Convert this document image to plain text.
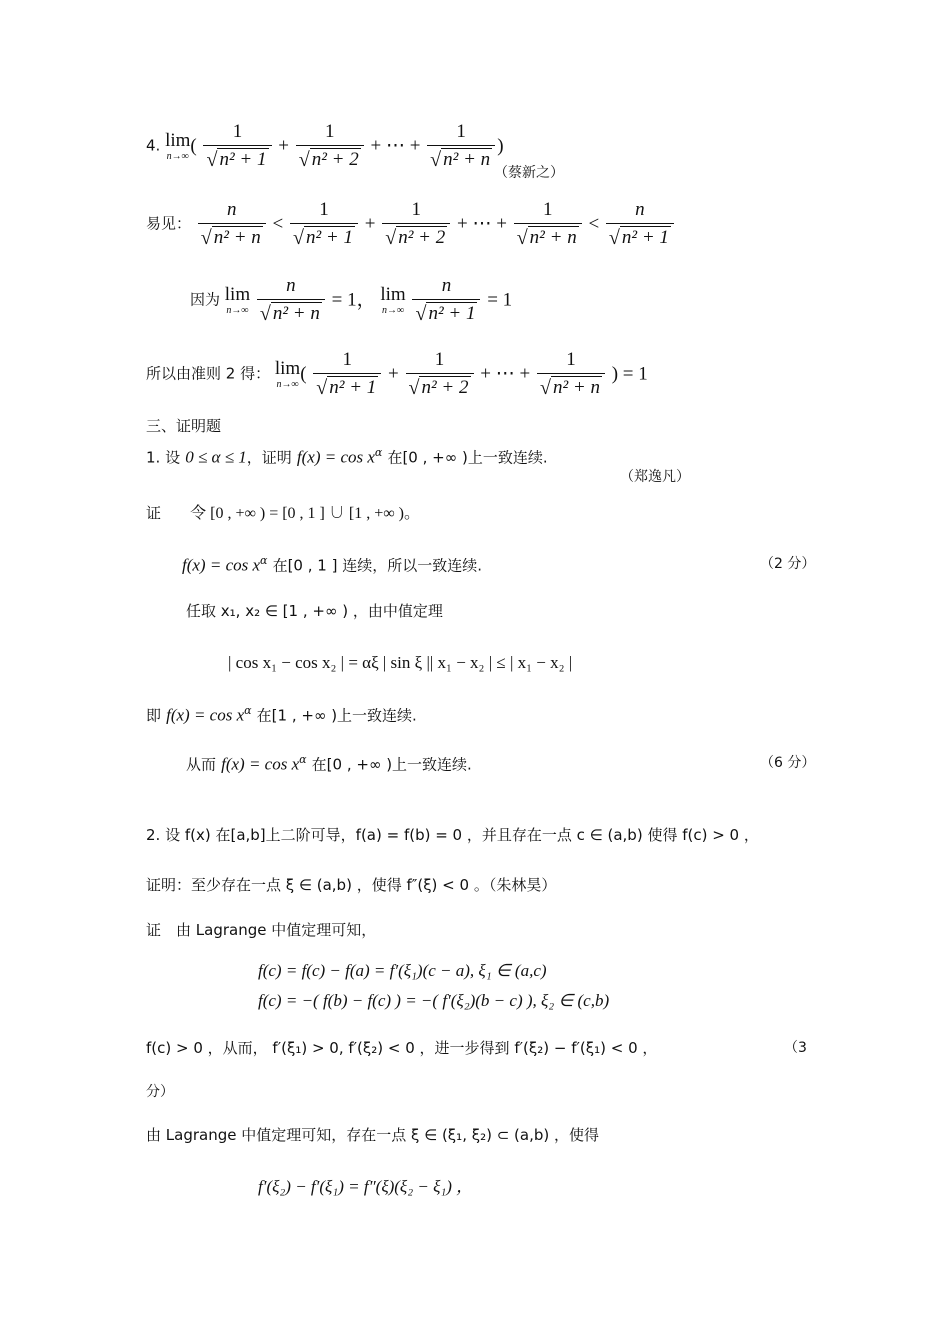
4. lim
n→∞ ( $\frac{1}{\text{√ n² + 1}} + \frac{1}{\text{√ n² + 2}}$ + ⋯ + $\frac{1}{\text{√ n² + n}}$ )
（蔡新之）
易见： $\frac{n}{\text{√ n² + n}} < \frac{1}{\text{√ n² + 1}} + \frac{1}{\text{√ n² + 2}}$ + ⋯ + $\frac{1}{\text{√ n² + n}} < \frac{n}{\text{√ n² + 1}}$
因为 lim
n→∞
$\frac{n}{\text{√ n² + n}} = 1$， lim
n→∞
$\frac{n}{\text{√ n² + 1}} = 1$
所以由准则 2 得： lim
n→∞ ( $\frac{1}{\text{√ n² + 1}} + \frac{1}{\text{√ n² + 2}}$ + ⋯ + $\frac{1}{\text{√ n² + n}}$ ) = 1
三、证明题
1. 设 0 ≤ α ≤ 1，证明 $f(x) = \cos x^\alpha$ 在[0 , +∞ )上一致连续.
（郑逸凡）
证 令 [0 , +∞ ) = [0 , 1 ] ∪ [1 , +∞ )。
$f(x) = \cos x^\alpha$ 在[0 , 1 ] 连续，所以一致连续.	（2 分）
任取 x₁, x₂ ∈ [1 , +∞ ) ，由中值定理
| cos x₁ − cos x₂ | = αξ | sin ξ || x₁ − x₂ | ≤ | x₁ − x₂ |
即 $f(x) = \cos x^\alpha$ 在[1 , +∞ )上一致连续.
从而 $f(x) = \cos x^\alpha$ 在[0 , +∞ )上一致连续.	（6 分）
2. 设 f(x) 在[a,b]上二阶可导，f(a) = f(b) = 0 ，并且存在一点 c ∈ (a,b) 使得 f(c) > 0 ，
证明：至少存在一点 ξ ∈ (a,b) ，使得 f″(ξ) < 0 。（朱林昊）
证　由 Lagrange 中值定理可知，
f(c) = f(c) − f(a) = f′(ξ₁)(c − a), ξ₁ ∈ (a,c)
f(c) = −( f(b) − f(c) ) = −( f′(ξ₂)(b − c) ), ξ₂ ∈ (c,b)
f(c) > 0 ，从而， f′(ξ₁) > 0, f′(ξ₂) < 0 ，进一步得到 f′(ξ₂) − f′(ξ₁) < 0 ，	（3
分）
由 Lagrange 中值定理可知，存在一点 ξ ∈ (ξ₁, ξ₂) ⊂ (a,b) ，使得
f′(ξ₂) − f′(ξ₁) = f″(ξ)(ξ₂ − ξ₁) ，
